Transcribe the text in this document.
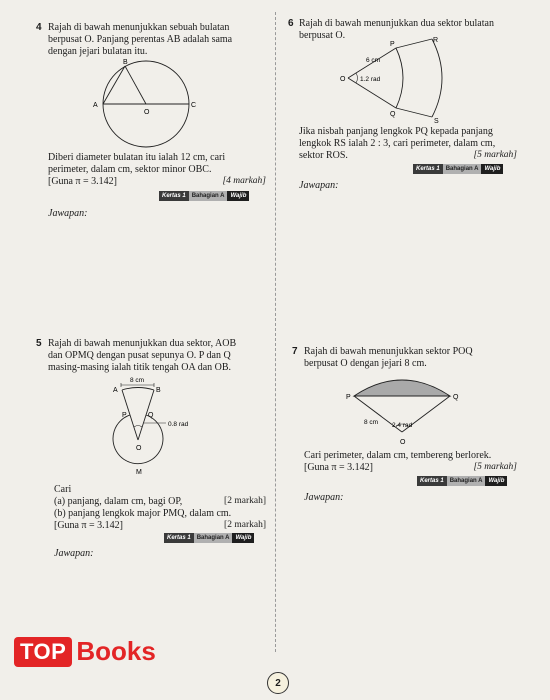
4 Rajah di bawah menunjukkan sebuah bulatan
berpusat O. Panjang perentas AB adalah sama
dengan jejari bulatan itu.
B
A	C
O
Diberi diameter bulatan itu ialah 12 cm, cari
perimeter, dalam cm, sektor minor OBC.
[Guna π = 3.142]	[4 markah]
Kertas 1	Bahagian A	Wajib
Jawapan:
5 Rajah di bawah menunjukkan dua sektor, AOB
dan OPMQ dengan pusat sepunya O. P dan Q
masing-masing ialah titik tengah OA dan OB.
8 cm
A	B
P	Q
O
M
0.8 rad
Cari
(a) panjang, dalam cm, bagi OP,	[2 markah]
(b) panjang lengkok major PMQ, dalam cm.
[Guna π = 3.142]	[2 markah]
Kertas 1	Bahagian A	Wajib
Jawapan:
6 Rajah di bawah menunjukkan dua sektor bulatan
berpusat O.
6 cm
1.2 rad
O
P
Q
R
S
Jika nisbah panjang lengkok PQ kepada panjang
lengkok RS ialah 2 : 3, cari perimeter, dalam cm,
sektor ROS.	[5 markah]
Kertas 1	Bahagian A	Wajib
Jawapan:
7 Rajah di bawah menunjukkan sektor POQ
berpusat O dengan jejari 8 cm.
P	Q
8 cm 2.4 rad
O
Cari perimeter, dalam cm, tembereng berlorek.
[Guna π = 3.142]	[5 markah]
Kertas 1	Bahagian A	Wajib
Jawapan:
TOP Books
2
